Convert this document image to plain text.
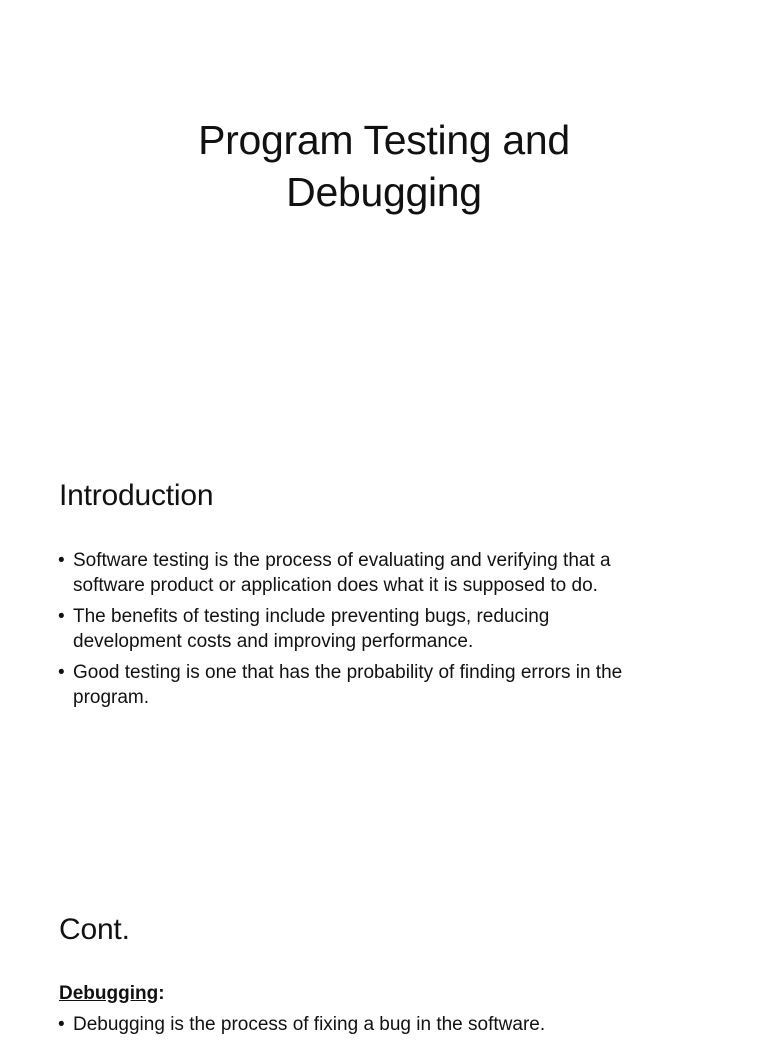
Program Testing and
Debugging
Introduction
• Software testing is the process of evaluating and verifying that a
software product or application does what it is supposed to do.
• The benefits of testing include preventing bugs, reducing
development costs and improving performance.
• Good testing is one that has the probability of finding errors in the
program.
Cont.
Debugging:
• Debugging is the process of fixing a bug in the software.
